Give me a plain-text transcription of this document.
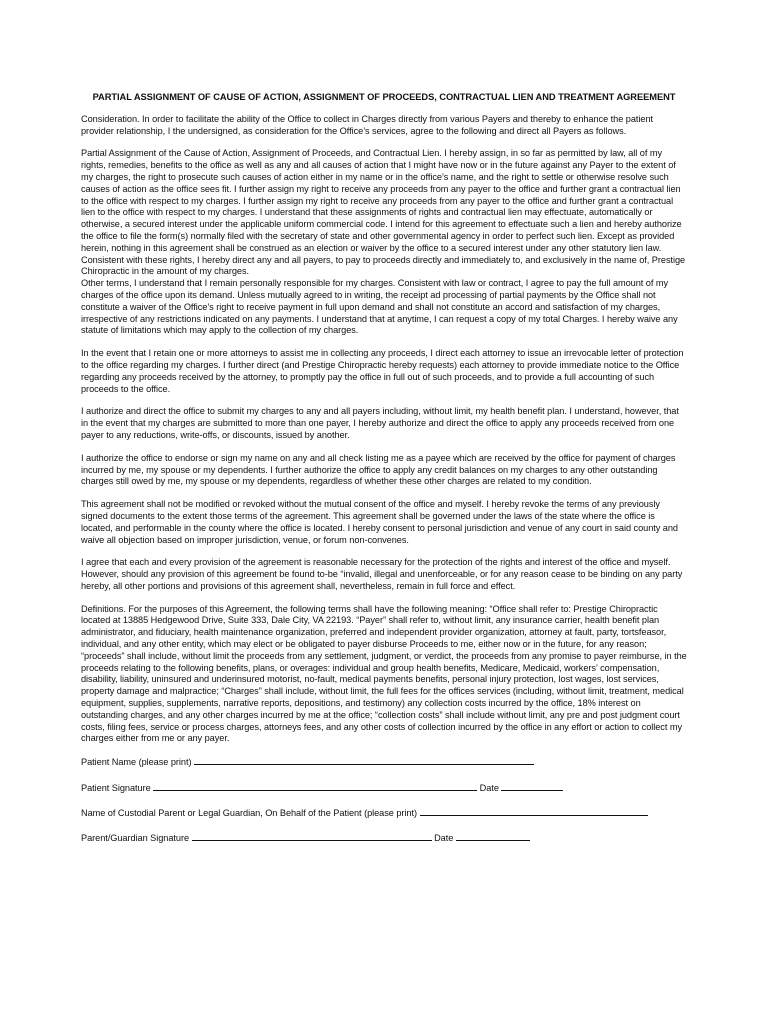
PARTIAL ASSIGNMENT OF CAUSE OF ACTION, ASSIGNMENT OF PROCEEDS, CONTRACTUAL LIEN AND TREATMENT AGREEMENT

Consideration. In order to facilitate the ability of the Office to collect in Charges directly from various Payers and thereby to enhance the patient provider relationship, I the undersigned, as consideration for the Office’s services, agree to the following and direct all Payers as follows.

Partial Assignment of the Cause of Action, Assignment of Proceeds, and Contractual Lien. I hereby assign, in so far as permitted by law, all of my rights, remedies, benefits to the office as well as any and all causes of action that I might have now or in the future against any Payer to the extent of my charges, the right to prosecute such causes of action either in my name or in the office’s name, and the right to settle or otherwise resolve such causes of action as the office sees fit. I further assign my right to receive any proceeds from any payer to the office and further grant a contractual lien to the office with respect to my charges. I further assign my right to receive any proceeds from any payer to the office and further grant a contractual lien to the office with respect to my charges. I understand that these assignments of rights and contractual lien may effectuate, automatically or otherwise, a secured interest under the applicable uniform commercial code. I intend for this agreement to effectuate such a lien and hereby authorize the office to file the form(s) normally filed with the secretary of state and other governmental agency in order to perfect such lien. Except as provided herein, nothing in this agreement shall be construed as an election or waiver by the office to a secured interest under any other statutory lien law. Consistent with these rights, I hereby direct any and all payers, to pay to proceeds directly and immediately to, and exclusively in the name of, Prestige Chiropractic in the amount of my charges.

Other terms, I understand that I remain personally responsible for my charges. Consistent with law or contract, I agree to pay the full amount of my charges of the office upon its demand. Unless mutually agreed to in writing, the receipt ad processing of partial payments by the Office shall not constitute a waiver of the Office’s right to receive payment in full upon demand and shall not constitute an accord and satisfaction of my charges, irrespective of any restrictions indicated on any payments. I understand that at anytime, I can request a copy of my total Charges. I hereby waive any statute of limitations which may apply to the collection of my charges.

In the event that I retain one or more attorneys to assist me in collecting any proceeds, I direct each attorney to issue an irrevocable letter of protection to the office regarding my charges. I further direct (and Prestige Chiropractic hereby requests) each attorney to provide immediate notice to the Office regarding any proceeds received by the attorney, to promptly pay the office in full out of such proceeds, and to provide a full accounting of such proceeds to the office.

I authorize and direct the office to submit my charges to any and all payers including, without limit, my health benefit plan. I understand, however, that in the event that my charges are submitted to more than one payer, I hereby authorize and direct the office to apply any proceeds received from one payer to any reductions, write-offs, or discounts, issued by another.

I authorize the office to endorse or sign my name on any and all check listing me as a payee which are received by the office for payment of charges incurred by me, my spouse or my dependents. I further authorize the office to apply any credit balances on my charges to any other outstanding charges still owed by me, my spouse or my dependents, regardless of whether these other charges are related to my condition.

This agreement shall not be modified or revoked without the mutual consent of the office and myself. I hereby revoke the terms of any previously signed documents to the extent those terms of the agreement. This agreement shall be governed under the laws of the state where the office is located, and performable in the county where the office is located. I hereby consent to personal jurisdiction and venue of any court in said county and waive all objection based on improper jurisdiction, venue, or forum non-convenes.

I agree that each and every provision of the agreement is reasonable necessary for the protection of the rights and interest of the office and myself. However, should any provision of this agreement be found to-be “invalid, illegal and unenforceable, or for any reason cease to be binding on any party hereby, all other portions and provisions of this agreement shall, nevertheless, remain in full force and effect.

Definitions. For the purposes of this Agreement, the following terms shall have the following meaning: “Office shall refer to: Prestige Chiropractic located at 13885 Hedgewood Drive, Suite 333, Dale City, VA 22193. “Payer” shall refer to, without limit, any insurance carrier, health benefit plan administrator, and fiduciary, health maintenance organization, preferred and independent provider organization, attorney at fault, party, tortsfeasor, individual, and any other entity, which may elect or be obligated to payer disburse Proceeds to me, either now or in the future, for any reason; “proceeds” shall include, without limit the proceeds from any settlement, judgment, or verdict, the proceeds from any promise to payer reimburse, in the proceeds relating to the following benefits, plans, or overages: individual and group health benefits, Medicare, Medicaid, workers’ compensation, disability, liability, uninsured and underinsured motorist, no-fault, medical payments benefits, personal injury protection, lost wages, lost services, property damage and malpractice; “Charges” shall include, without limit, the full fees for the offices services (including, without limit, treatment, medical equipment, supplies, supplements, narrative reports, depositions, and testimony) any collection costs incurred by the office, 18% interest on outstanding charges, and any other charges incurred by me at the office; “collection costs” shall include without limit, any pre and post judgment court costs, filing fees, service or process charges, attorneys fees, and any other costs of collection incurred by the office in any effort or action to collect my charges either from me or any payer.

Patient Name (please print)
Patient Signature	Date
Name of Custodial Parent or Legal Guardian, On Behalf of the Patient (please print)
Parent/Guardian Signature	Date
